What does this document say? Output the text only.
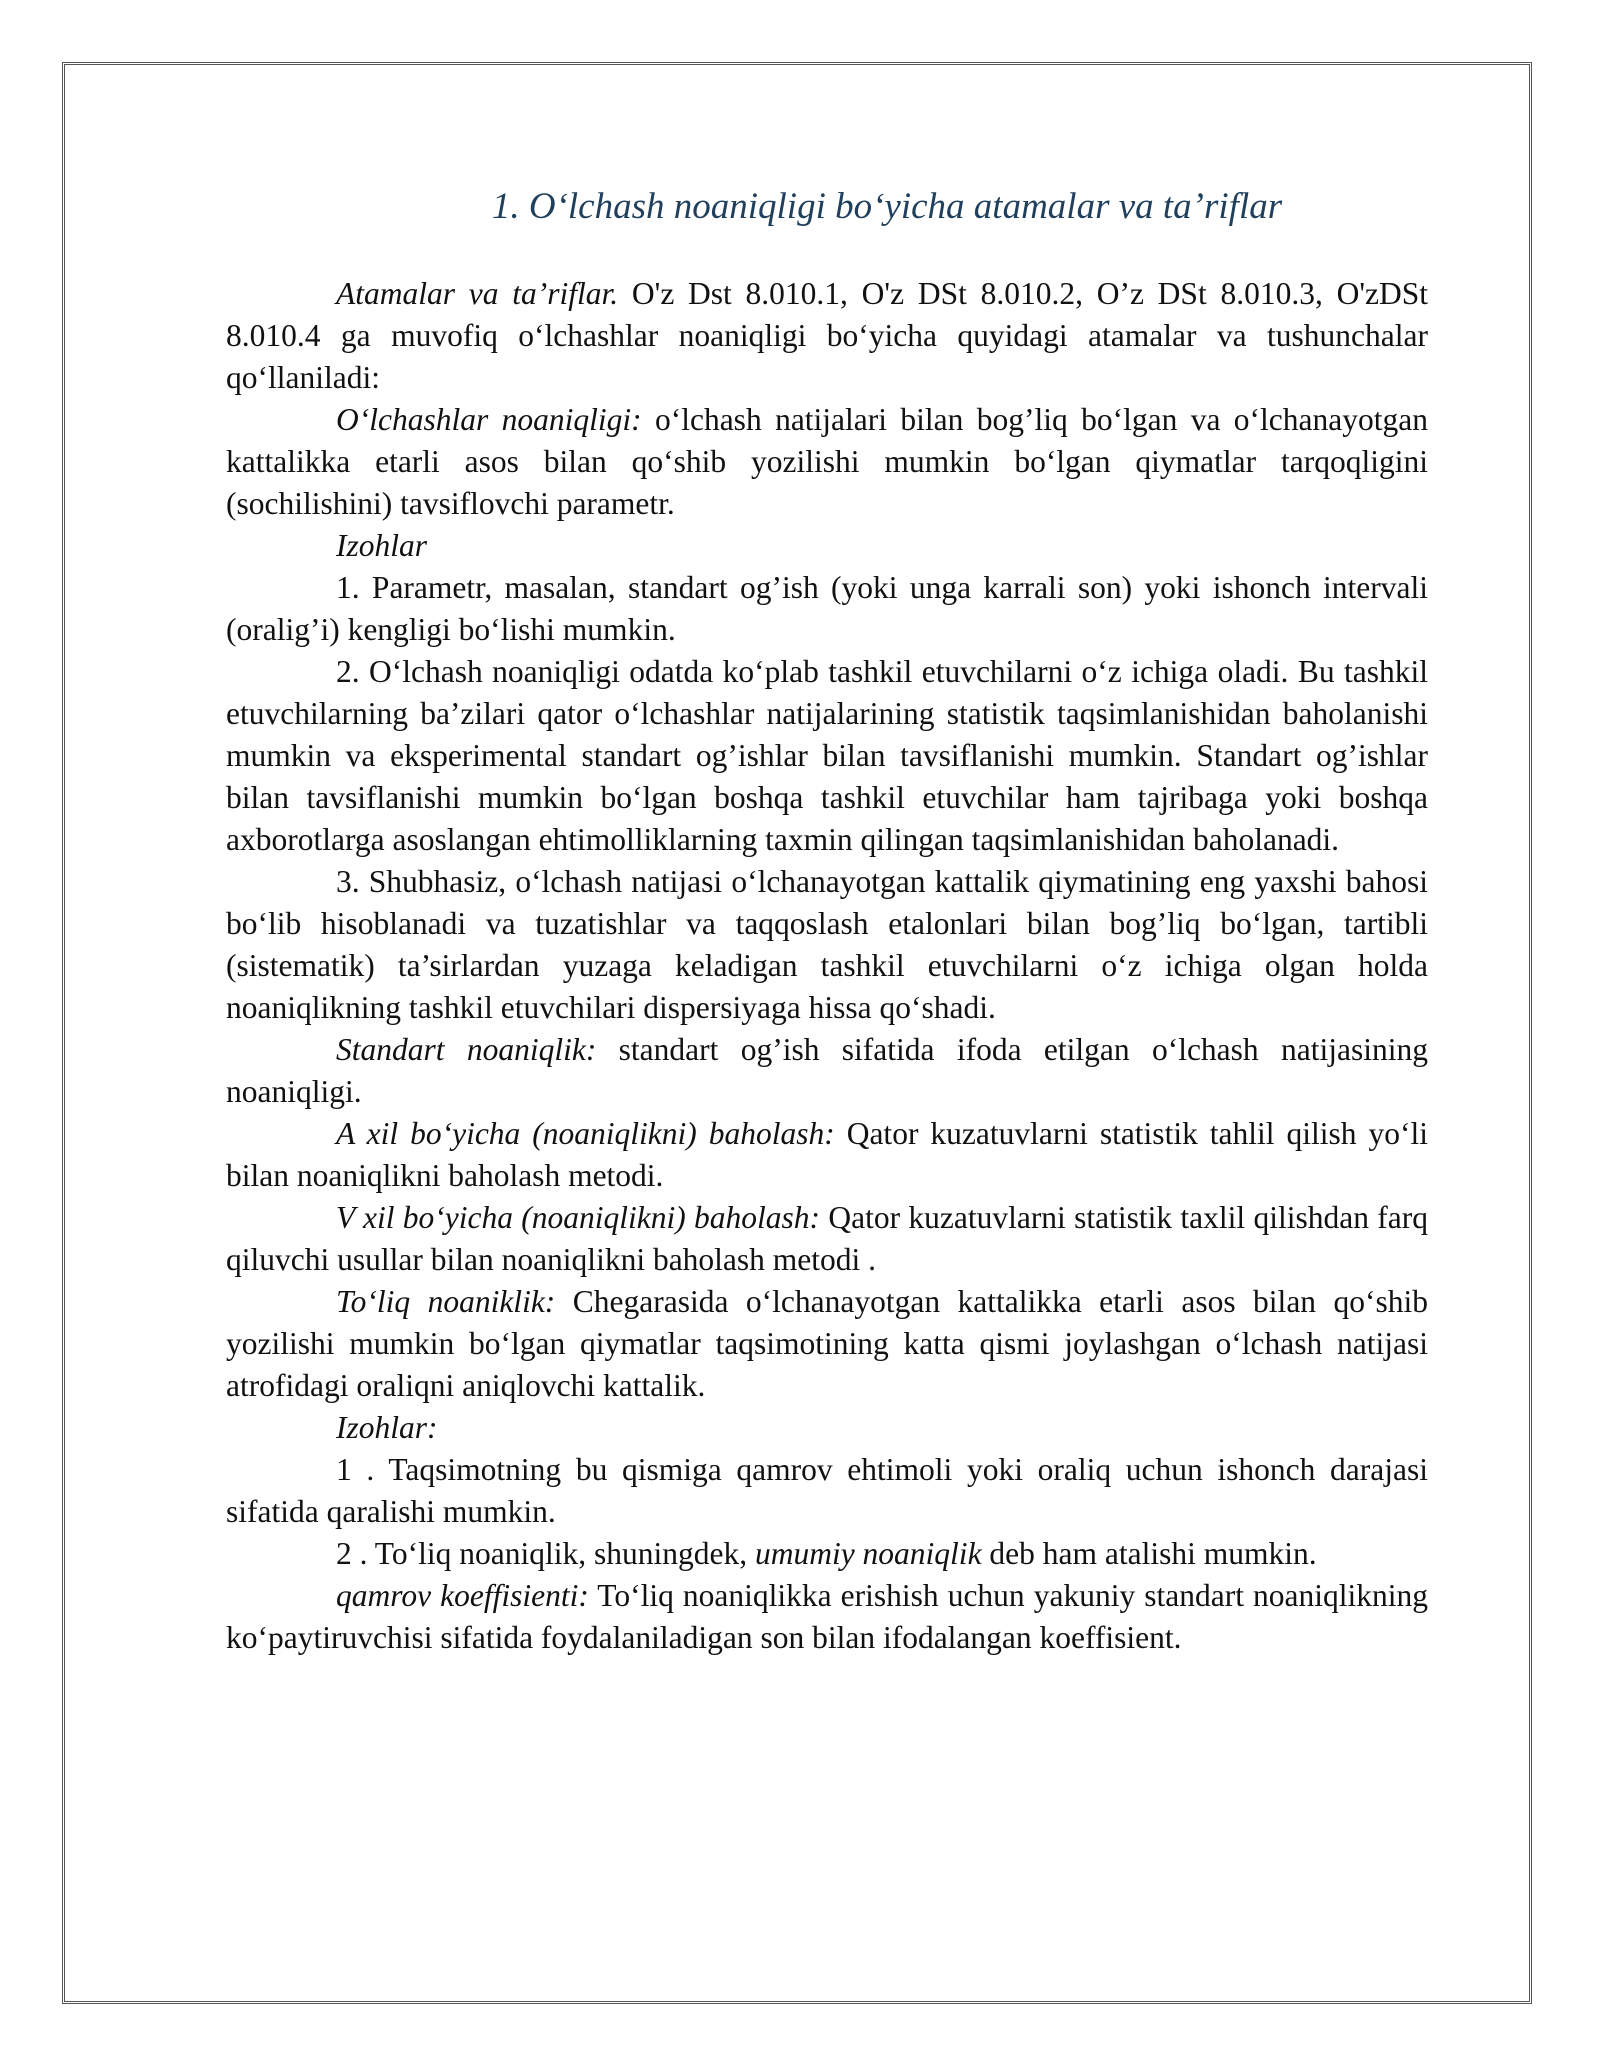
1. O‘lchash noaniqligi bo‘yicha atamalar va ta’riflar

Atamalar va ta’riflar. O'z Dst 8.010.1, O'z DSt 8.010.2, O’z DSt 8.010.3, O'zDSt 8.010.4 ga muvofiq o‘lchashlar noaniqligi bo‘yicha quyidagi atamalar va tushunchalar qo‘llaniladi:

O‘lchashlar noaniqligi: o‘lchash natijalari bilan bog’liq bo‘lgan va o‘lchanayotgan kattalikka etarli asos bilan qo‘shib yozilishi mumkin bo‘lgan qiymatlar tarqoqligini (sochilishini) tavsiflovchi parametr.

Izohlar

1. Parametr, masalan, standart og’ish (yoki unga karrali son) yoki ishonch intervali (oralig’i) kengligi bo‘lishi mumkin.

2. O‘lchash noaniqligi odatda ko‘plab tashkil etuvchilarni o‘z ichiga oladi. Bu tashkil etuvchilarning ba’zilari qator o‘lchashlar natijalarining statistik taqsimlanishidan baholanishi mumkin va eksperimental standart og’ishlar bilan tavsiflanishi mumkin. Standart og’ishlar bilan tavsiflanishi mumkin bo‘lgan boshqa tashkil etuvchilar ham tajribaga yoki boshqa axborotlarga asoslangan ehtimolliklarning taxmin qilingan taqsimlanishidan baholanadi.

3. Shubhasiz, o‘lchash natijasi o‘lchanayotgan kattalik qiymatining eng yaxshi bahosi bo‘lib hisoblanadi va tuzatishlar va taqqoslash etalonlari bilan bog’liq bo‘lgan, tartibli (sistematik) ta’sirlardan yuzaga keladigan tashkil etuvchilarni o‘z ichiga olgan holda noaniqlikning tashkil etuvchilari dispersiyaga hissa qo‘shadi.

Standart noaniqlik: standart og’ish sifatida ifoda etilgan o‘lchash natijasining noaniqligi.

A xil bo‘yicha (noaniqlikni) baholash: Qator kuzatuvlarni statistik tahlil qilish yo‘li bilan noaniqlikni baholash metodi.

V xil bo‘yicha (noaniqlikni) baholash: Qator kuzatuvlarni statistik taxlil qilishdan farq qiluvchi usullar bilan noaniqlikni baholash metodi .

To‘liq noaniklik: Chegarasida o‘lchanayotgan kattalikka etarli asos bilan qo‘shib yozilishi mumkin bo‘lgan qiymatlar taqsimotining katta qismi joylashgan o‘lchash natijasi atrofidagi oraliqni aniqlovchi kattalik.

Izohlar:

1 . Taqsimotning bu qismiga qamrov ehtimoli yoki oraliq uchun ishonch darajasi sifatida qaralishi mumkin.

2 . To‘liq noaniqlik, shuningdek, umumiy noaniqlik deb ham atalishi mumkin.

qamrov koeffisienti: To‘liq noaniqlikka erishish uchun yakuniy standart noaniqlikning ko‘paytiruvchisi sifatida foydalaniladigan son bilan ifodalangan koeffisient.
